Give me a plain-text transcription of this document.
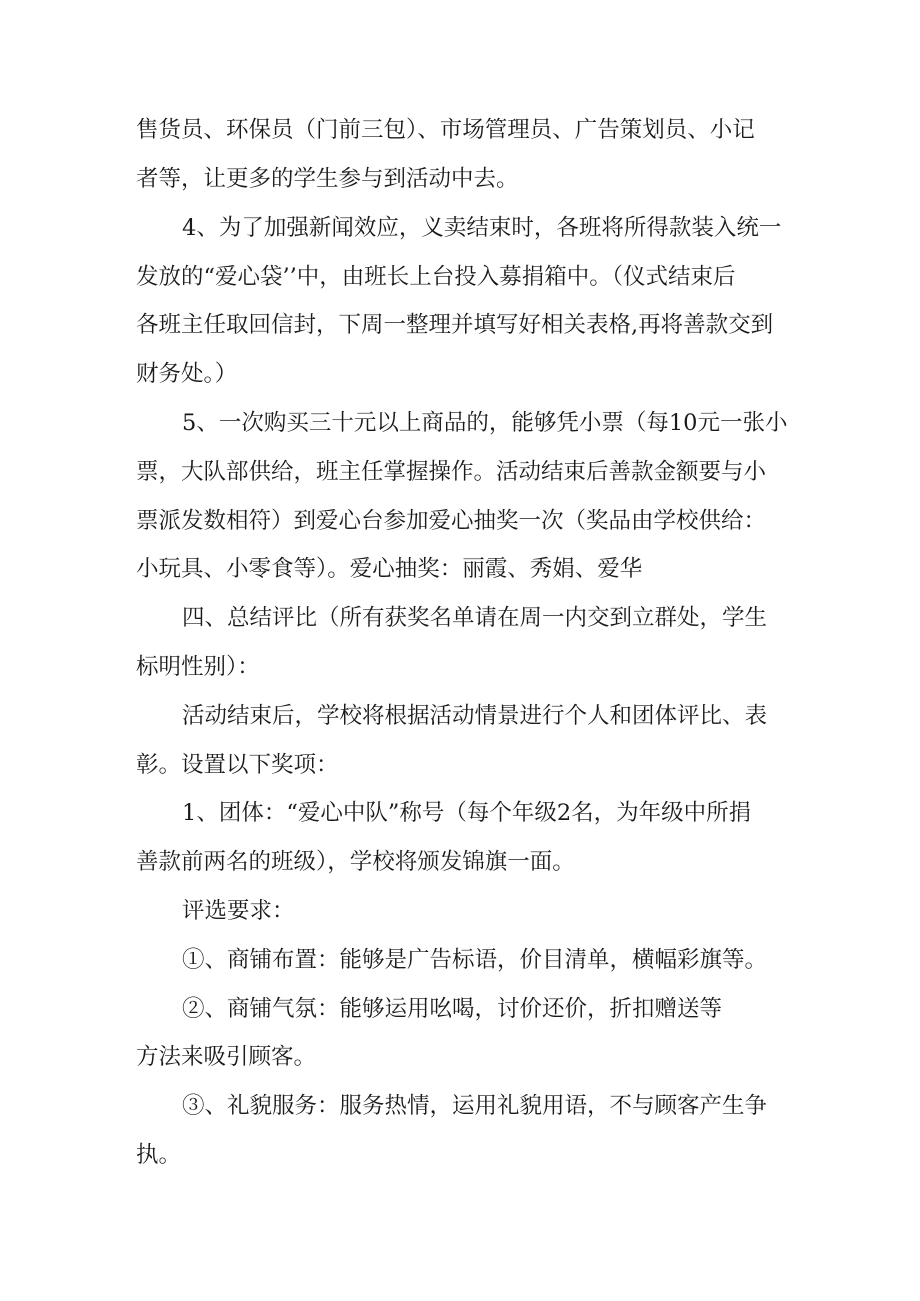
售货员、环保员（门前三包）、市场管理员、广告策划员、小记
者等，让更多的学生参与到活动中去。
4、为了加强新闻效应，义卖结束时，各班将所得款装入统一
发放的“爱心袋’’中，由班长上台投入募捐箱中。（仪式结束后
各班主任取回信封，下周一整理并填写好相关表格,再将善款交到
财务处。）
5、一次购买三十元以上商品的，能够凭小票（每10元一张小
票，大队部供给，班主任掌握操作。活动结束后善款金额要与小
票派发数相符）到爱心台参加爱心抽奖一次（奖品由学校供给：
小玩具、小零食等）。爱心抽奖：丽霞、秀娟、爱华
四、总结评比（所有获奖名单请在周一内交到立群处，学生
标明性别）：
活动结束后，学校将根据活动情景进行个人和团体评比、表
彰。设置以下奖项：
1、团体：“爱心中队”称号（每个年级2名，为年级中所捐
善款前两名的班级），学校将颁发锦旗一面。
评选要求：
①、商铺布置：能够是广告标语，价目清单，横幅彩旗等。
②、商铺气氛：能够运用吆喝，讨价还价，折扣赠送等
方法来吸引顾客。
③、礼貌服务：服务热情，运用礼貌用语，不与顾客产生争
执。
